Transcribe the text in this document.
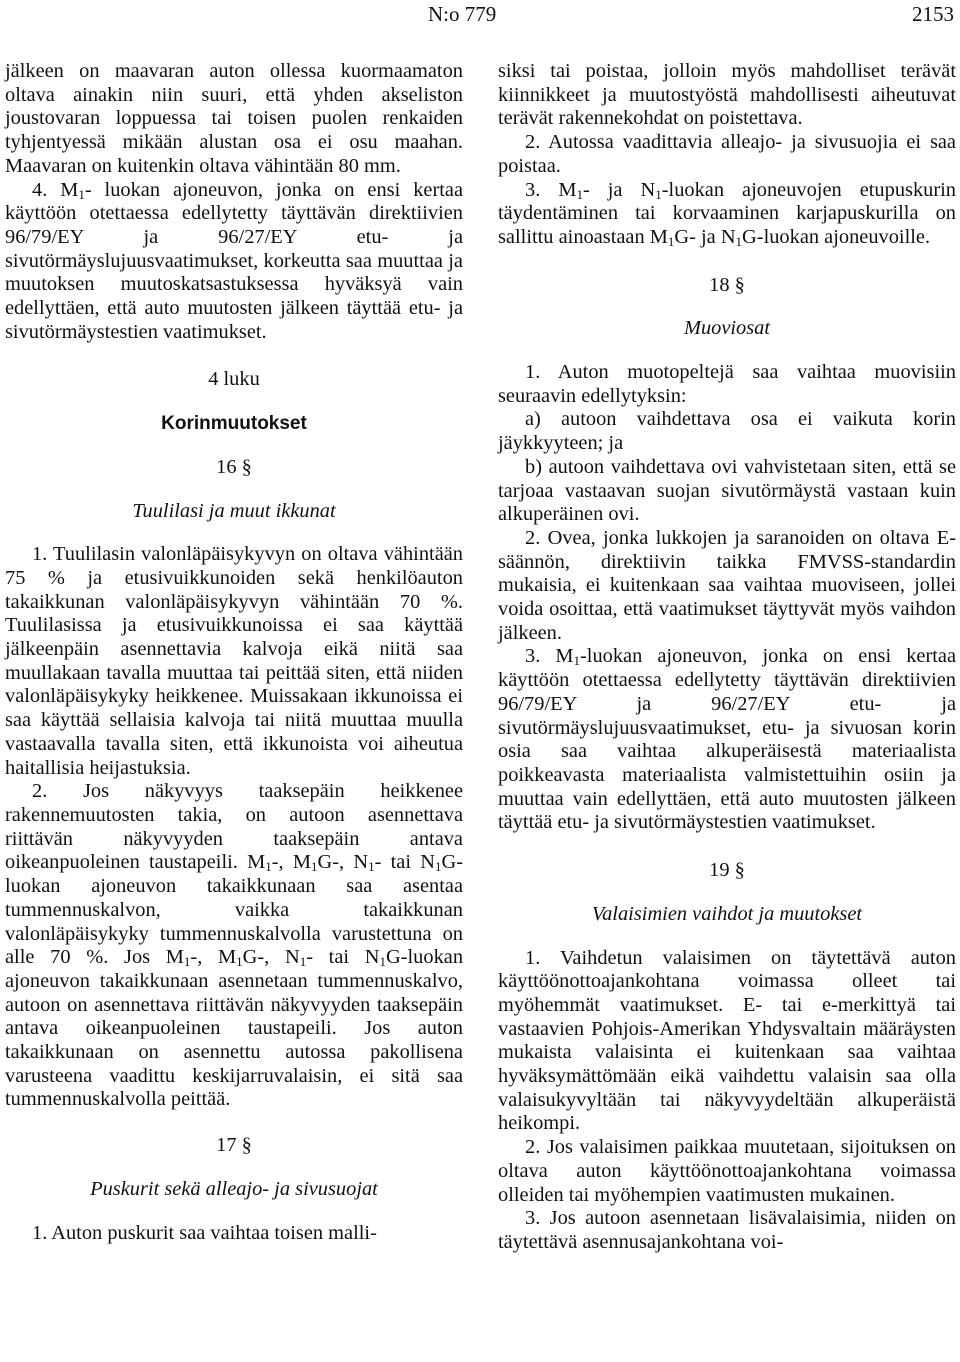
N:o 779	2153

jälkeen on maavaran auton ollessa kuormaamaton oltava ainakin niin suuri, että yhden akseliston joustovaran loppuessa tai toisen puolen renkaiden tyhjentyessä mikään alustan osa ei osu maahan. Maavaran on kuitenkin oltava vähintään 80 mm.

4. $M_1-$ luokan ajoneuvon, jonka on ensi kertaa käyttöön otettaessa edellytetty täyttävän direktiivien 96/79/EY ja 96/27/EY etu- ja sivutörmäyslujuusvaatimukset, korkeutta saa muuttaa ja muutoksen muutoskatsastuksessa hyväksyä vain edellyttäen, että auto muutosten jälkeen täyttää etu- ja sivutörmäystestien vaatimukset.

4 luku

Korinmuutokset

16 §

Tuulilasi ja muut ikkunat

1. Tuulilasin valonläpäisykyvyn on oltava vähintään 75 % ja etusivuikkunoiden sekä henkilöauton takaikkunan valonläpäisykyvyn vähintään 70 %. Tuulilasissa ja etusivuikkunoissa ei saa käyttää jälkeenpäin asennettavia kalvoja eikä niitä saa muullakaan tavalla muuttaa tai peittää siten, että niiden valonläpäisykyky heikkenee. Muissakaan ikkunoissa ei saa käyttää sellaisia kalvoja tai niitä muuttaa muulla vastaavalla tavalla siten, että ikkunoista voi aiheutua haitallisia heijastuksia.

2. Jos näkyvyys taaksepäin heikkenee rakennemuutosten takia, on autoon asennettava riittävän näkyvyyden taaksepäin antava oikeanpuoleinen taustapeili. $M_1-$, $M_1G-$, $N_1-$ tai $N_1G$-luokan ajoneuvon takaikkunaan saa asentaa tummennuskalvon, vaikka takaikkunan valonläpäisykyky tummennuskalvolla varustettuna on alle 70 %. Jos $M_1-$, $M_1G-$, $N_1-$ tai $N_1G$-luokan ajoneuvon takaikkunaan asennetaan tummennuskalvo, autoon on asennettava riittävän näkyvyyden taaksepäin antava oikeanpuoleinen taustapeili. Jos auton takaikkunaan on asennettu autossa pakollisena varusteena vaadittu keskijarruvalaisin, ei sitä saa tummennuskalvolla peittää.

17 §

Puskurit sekä alleajo- ja sivusuojat

1. Auton puskurit saa vaihtaa toisen malli-

siksi tai poistaa, jolloin myös mahdolliset terävät kiinnikkeet ja muutostyöstä mahdollisesti aiheutuvat terävät rakennekohdat on poistettava.

2. Autossa vaadittavia alleajo- ja sivusuojia ei saa poistaa.

3. $M_1-$ ja $N_1$-luokan ajoneuvojen etupuskurin täydentäminen tai korvaaminen karjapuskurilla on sallittu ainoastaan $M_1G-$ ja $N_1G$-luokan ajoneuvoille.

18 §

Muoviosat

1. Auton muotopeltejä saa vaihtaa muovisiin seuraavin edellytyksin:

a) autoon vaihdettava osa ei vaikuta korin jäykkyyteen; ja

b) autoon vaihdettava ovi vahvistetaan siten, että se tarjoaa vastaavan suojan sivutörmäystä vastaan kuin alkuperäinen ovi.

2. Ovea, jonka lukkojen ja saranoiden on oltava E-säännön, direktiivin taikka FMVSS-standardin mukaisia, ei kuitenkaan saa vaihtaa muoviseen, jollei voida osoittaa, että vaatimukset täyttyvät myös vaihdon jälkeen.

3. $M_1$-luokan ajoneuvon, jonka on ensi kertaa käyttöön otettaessa edellytetty täyttävän direktiivien 96/79/EY ja 96/27/EY etu- ja sivutörmäyslujuusvaatimukset, etu- ja sivuosan korin osia saa vaihtaa alkuperäisestä materiaalista poikkeavasta materiaalista valmistettuihin osiin ja muuttaa vain edellyttäen, että auto muutosten jälkeen täyttää etu- ja sivutörmäystestien vaatimukset.

19 §

Valaisimien vaihdot ja muutokset

1. Vaihdetun valaisimen on täytettävä auton käyttöönottoajankohtana voimassa olleet tai myöhemmät vaatimukset. E- tai e-merkittyä tai vastaavien Pohjois-Amerikan Yhdysvaltain määräysten mukaista valaisinta ei kuitenkaan saa vaihtaa hyväksymättömään eikä vaihdettu valaisin saa olla valaisukyvyltään tai näkyvyydeltään alkuperäistä heikompi.

2. Jos valaisimen paikkaa muutetaan, sijoituksen on oltava auton käyttöönottoajankohtana voimassa olleiden tai myöhempien vaatimusten mukainen.

3. Jos autoon asennetaan lisävalaisimia, niiden on täytettävä asennusajankohtana voi-
